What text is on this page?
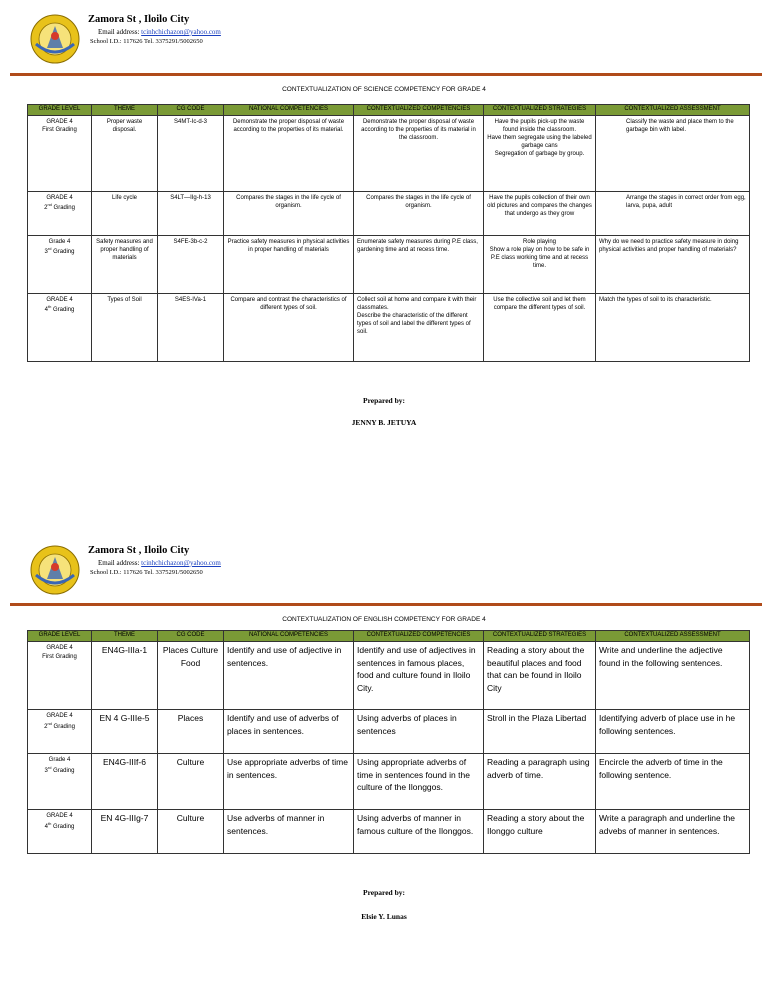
Zamora St , Iloilo City
Email address: tcinhchichazon@yahoo.com
School I.D.: 117626 Tel. 3375291/5002650
CONTEXTUALIZATION OF SCIENCE COMPETENCY FOR GRADE 4
GRADE LEVEL	THEME	CG CODE	NATIONAL COMPETENCIES	CONTEXTUALIZED COMPETENCIES	CONTEXTUALIZED STRATEGIES	CONTEXTUALIZED ASSESSMENT
GRADE 4
First Grading	Proper waste disposal.	S4MT-Ic-d-3	Demonstrate the proper disposal of waste according to the properties of its material.	Demonstrate the proper disposal of waste according to the properties of its material in the classroom.	Have the pupils pick-up the waste found inside the classroom.
Have them segregate using the labeled garbage cans
Segregation of garbage by group.	Classify the waste and place them to the garbage bin with label.
GRADE 4
2nd Grading	Life cycle	S4LT—IIg-h-13	Compares the stages in the life cycle of organism.	Compares the stages in the life cycle of organism.	Have the pupils collection of their own old pictures and compares the changes that undergo as they grow	Arrange the stages in correct order from egg, larva, pupa, adult
Grade 4
3rd Grading	Safety measures and proper handling of materials	S4FE-3b-c-2	Practice safety measures in physical activities in proper handling of materials	Enumerate safety measures during P.E class, gardening time and at recess time.	Role playing
Show a role play on how to be safe in P.E class working time and at recess time.	Why do we need to practice safety measure in doing physical activities and proper handling of materials?
GRADE 4
4th Grading	Types of Soil	S4ES-IVa-1	Compare and contrast the characteristics of different types of soil.	Collect soil at home and compare it with their classmates.
Describe the characteristic of the different types of soil and label the different types of soil.	Use the collective soil and let them compare the different types of soil.	Match the types of soil to its characteristic.
Prepared by:
JENNY B. JETUYA
Zamora St , Iloilo City
Email address: tcinhchichazon@yahoo.com
School I.D.: 117626 Tel. 3375291/5002650
CONTEXTUALIZATION OF ENGLISH COMPETENCY FOR GRADE 4
GRADE LEVEL	THEME	CG CODE	NATIONAL COMPETENCIES	CONTEXTUALIZED COMPETENCIES	CONTEXTUALIZED STRATEGIES	CONTEXTUALIZED ASSESSMENT
GRADE 4
First Grading	EN4G-IIIa-1	Places Culture Food	Identify and use of adjective in sentences.	Identify and use of adjectives in sentences in famous places, food and culture found in Iloilo City.	Reading a story about the beautiful places and food that can be found in Iloilo City	Write and underline the adjective found in the following sentences.
GRADE 4
2nd Grading	EN 4 G-IIIe-5	Places	Identify and use of adverbs of places in sentences.	Using adverbs of places in sentences	Stroll in the Plaza Libertad	Identifying adverb of place use in he following sentences.
Grade 4
3rd Grading	EN4G-IIIf-6	Culture	Use appropriate adverbs of time in sentences.	Using appropriate adverbs of time in sentences found in the culture of the Ilonggos.	Reading a paragraph using adverb of time.	Encircle the adverb of time in the following sentence.
GRADE 4
4th Grading	EN 4G-IIIg-7	Culture	Use adverbs of manner in sentences.	Using adverbs of manner in famous culture of the Ilonggos.	Reading a story about the Ilonggo culture	Write a paragraph and underline the advebs of manner in sentences.
Prepared by:
Elsie Y. Lunas
